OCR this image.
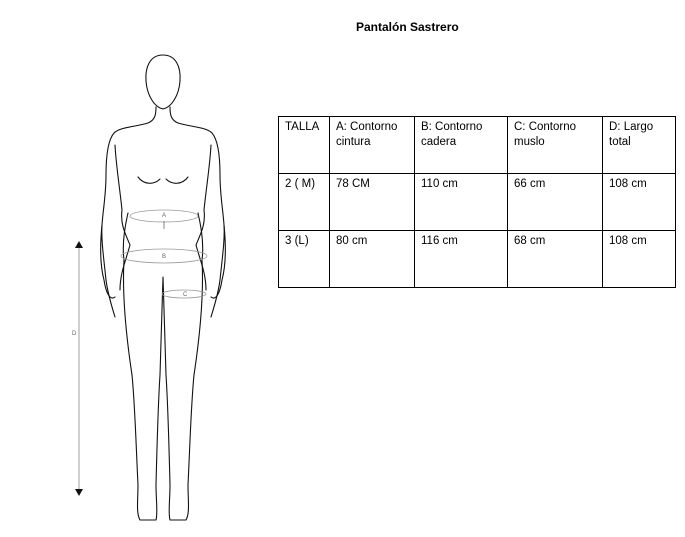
Pantalón Sastrero
A
B
C
D
TALLA	A: Contorno cintura	B: Contorno cadera	C: Contorno muslo	D: Largo total
2 ( M)	78 CM	110 cm	66 cm	108 cm
3 (L)	80 cm	116 cm	68 cm	108 cm
